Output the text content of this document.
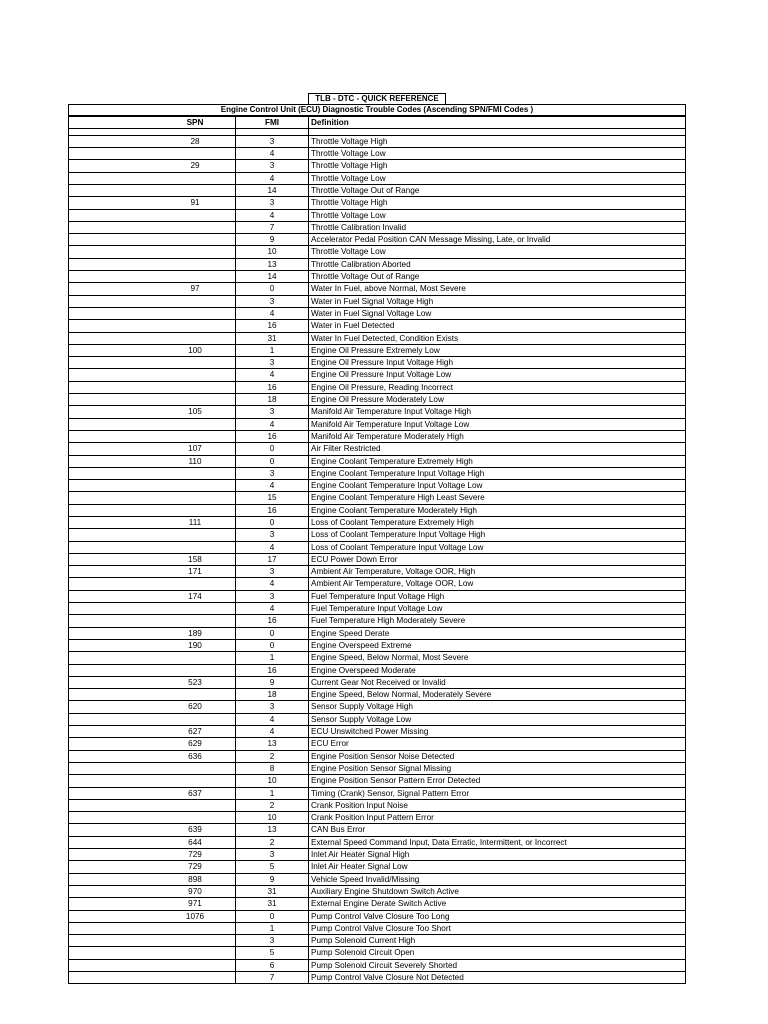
TLB - DTC - QUICK REFERENCE
Engine Control Unit (ECU) Diagnostic Trouble Codes (Ascending SPN/FMI Codes )
	SPN	FMI	Definition

	28	3	Throttle Voltage High
		4	Throttle Voltage Low
	29	3	Throttle Voltage High
		4	Throttle Voltage Low
		14	Throttle Voltage Out of Range
	91	3	Throttle Voltage High
		4	Throttle Voltage Low
		7	Throttle Calibration Invalid
		9	Accelerator Pedal Position CAN Message Missing, Late, or Invalid
		10	Throttle Voltage Low
		13	Throttle Calibration Aborted
		14	Throttle Voltage Out of Range
	97	0	Water In Fuel, above Normal, Most Severe
		3	Water in Fuel Signal Voltage High
		4	Water in Fuel Signal Voltage Low
		16	Water in Fuel Detected
		31	Water In Fuel Detected, Condition Exists
	100	1	Engine Oil Pressure Extremely Low
		3	Engine Oil Pressure Input Voltage High
		4	Engine Oil Pressure Input Voltage Low
		16	Engine Oil Pressure, Reading Incorrect
		18	Engine Oil Pressure Moderately Low
	105	3	Manifold Air Temperature Input Voltage High
		4	Manifold Air Temperature Input Voltage Low
		16	Manifold Air Temperature Moderately High
	107	0	Air Filter Restricted
	110	0	Engine Coolant Temperature Extremely High
		3	Engine Coolant Temperature Input Voltage High
		4	Engine Coolant Temperature Input Voltage Low
		15	Engine Coolant Temperature High Least Severe
		16	Engine Coolant Temperature Moderately High
	111	0	Loss of Coolant Temperature Extremely High
		3	Loss of Coolant Temperature Input Voltage High
		4	Loss of Coolant Temperature Input Voltage Low
	158	17	ECU Power Down Error
	171	3	Ambient Air Temperature, Voltage OOR, High
		4	Ambient Air Temperature, Voltage OOR, Low
	174	3	Fuel Temperature Input Voltage High
		4	Fuel Temperature Input Voltage Low
		16	Fuel Temperature High Moderately Severe
	189	0	Engine Speed Derate
	190	0	Engine Overspeed Extreme
		1	Engine Speed, Below Normal, Most Severe
		16	Engine Overspeed Moderate
	523	9	Current Gear Not Received or Invalid
		18	Engine Speed, Below Normal, Moderately Severe
	620	3	Sensor Supply Voltage High
		4	Sensor Supply Voltage Low
	627	4	ECU Unswitched Power Missing
	629	13	ECU Error
	636	2	Engine Position Sensor Noise Detected
		8	Engine Position Sensor Signal Missing
		10	Engine Position Sensor Pattern Error Detected
	637	1	Timing (Crank) Sensor, Signal Pattern Error
		2	Crank Position Input Noise
		10	Crank Position Input Pattern Error
	639	13	CAN Bus Error
	644	2	External Speed Command Input, Data Erratic, Intermittent, or Incorrect
	729	3	Inlet Air Heater Signal High
	729	5	Inlet Air Heater Signal Low
	898	9	Vehicle Speed Invalid/Missing
	970	31	Auxiliary Engine Shutdown Switch Active
	971	31	External Engine Derate Switch Active
	1076	0	Pump Control Valve Closure Too Long
		1	Pump Control Valve Closure Too Short
		3	Pump Solenoid Current High
		5	Pump Solenoid Circuit Open
		6	Pump Solenoid Circuit Severely Shorted
		7	Pump Control Valve Closure Not Detected
